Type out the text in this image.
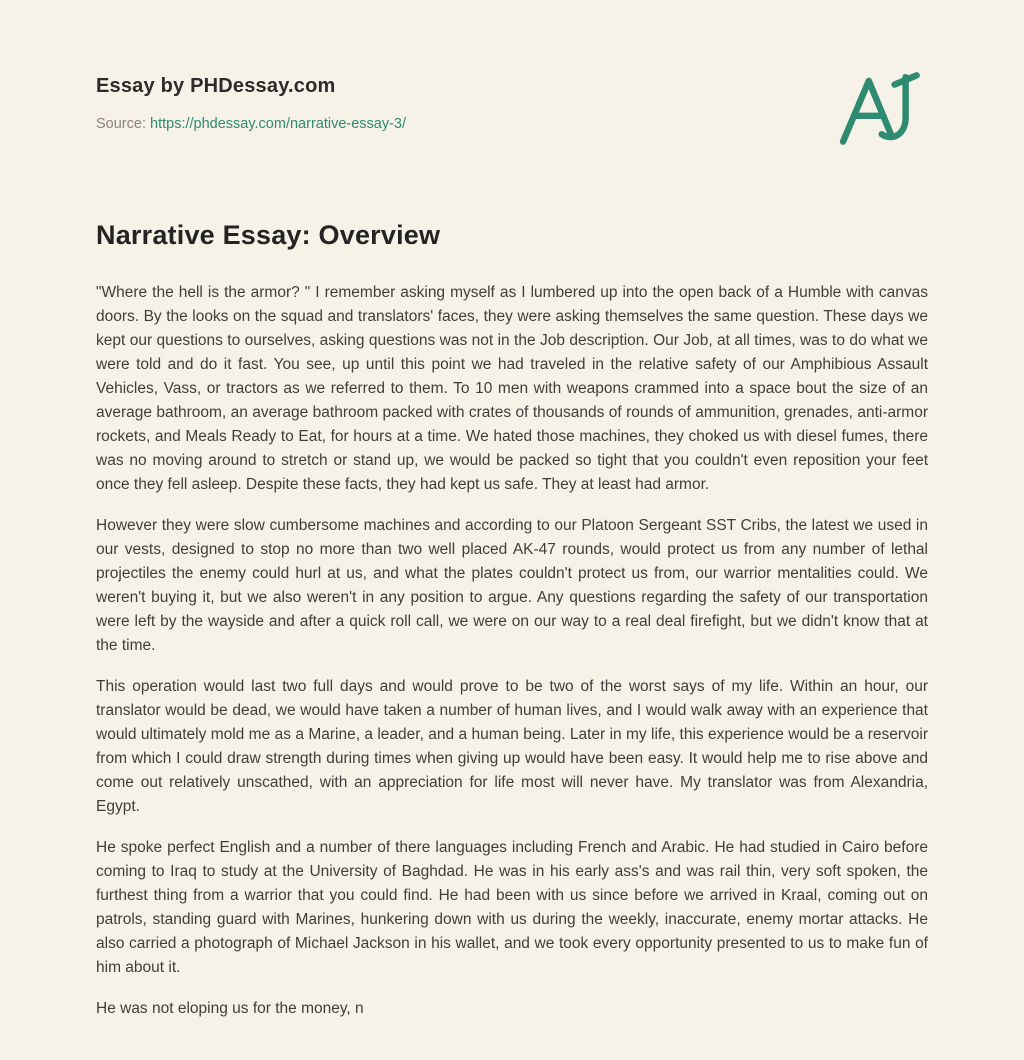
Essay by PHDessay.com
Source: https://phdessay.com/narrative-essay-3/
Narrative Essay: Overview

"Where the hell is the armor? " I remember asking myself as I lumbered up into the open back of a Humble with canvas doors. By the looks on the squad and translators' faces, they were asking themselves the same question. These days we kept our questions to ourselves, asking questions was not in the Job description. Our Job, at all times, was to do what we were told and do it fast. You see, up until this point we had traveled in the relative safety of our Amphibious Assault Vehicles, Vass, or tractors as we referred to them. To 10 men with weapons crammed into a space bout the size of an average bathroom, an average bathroom packed with crates of thousands of rounds of ammunition, grenades, anti-armor rockets, and Meals Ready to Eat, for hours at a time. We hated those machines, they choked us with diesel fumes, there was no moving around to stretch or stand up, we would be packed so tight that you couldn't even reposition your feet once they fell asleep. Despite these facts, they had kept us safe. They at least had armor.

However they were slow cumbersome machines and according to our Platoon Sergeant SST Cribs, the latest we used in our vests, designed to stop no more than two well placed AK-47 rounds, would protect us from any number of lethal projectiles the enemy could hurl at us, and what the plates couldn't protect us from, our warrior mentalities could. We weren't buying it, but we also weren't in any position to argue. Any questions regarding the safety of our transportation were left by the wayside and after a quick roll call, we were on our way to a real deal firefight, but we didn't know that at the time.

This operation would last two full days and would prove to be two of the worst says of my life. Within an hour, our translator would be dead, we would have taken a number of human lives, and I would walk away with an experience that would ultimately mold me as a Marine, a leader, and a human being. Later in my life, this experience would be a reservoir from which I could draw strength during times when giving up would have been easy. It would help me to rise above and come out relatively unscathed, with an appreciation for life most will never have. My translator was from Alexandria, Egypt.

He spoke perfect English and a number of there languages including French and Arabic. He had studied in Cairo before coming to Iraq to study at the University of Baghdad. He was in his early ass's and was rail thin, very soft spoken, the furthest thing from a warrior that you could find. He had been with us since before we arrived in Kraal, coming out on patrols, standing guard with Marines, hunkering down with us during the weekly, inaccurate, enemy mortar attacks. He also carried a photograph of Michael Jackson in his wallet, and we took every opportunity presented to us to make fun of him about it.

He was not eloping us for the money, n
